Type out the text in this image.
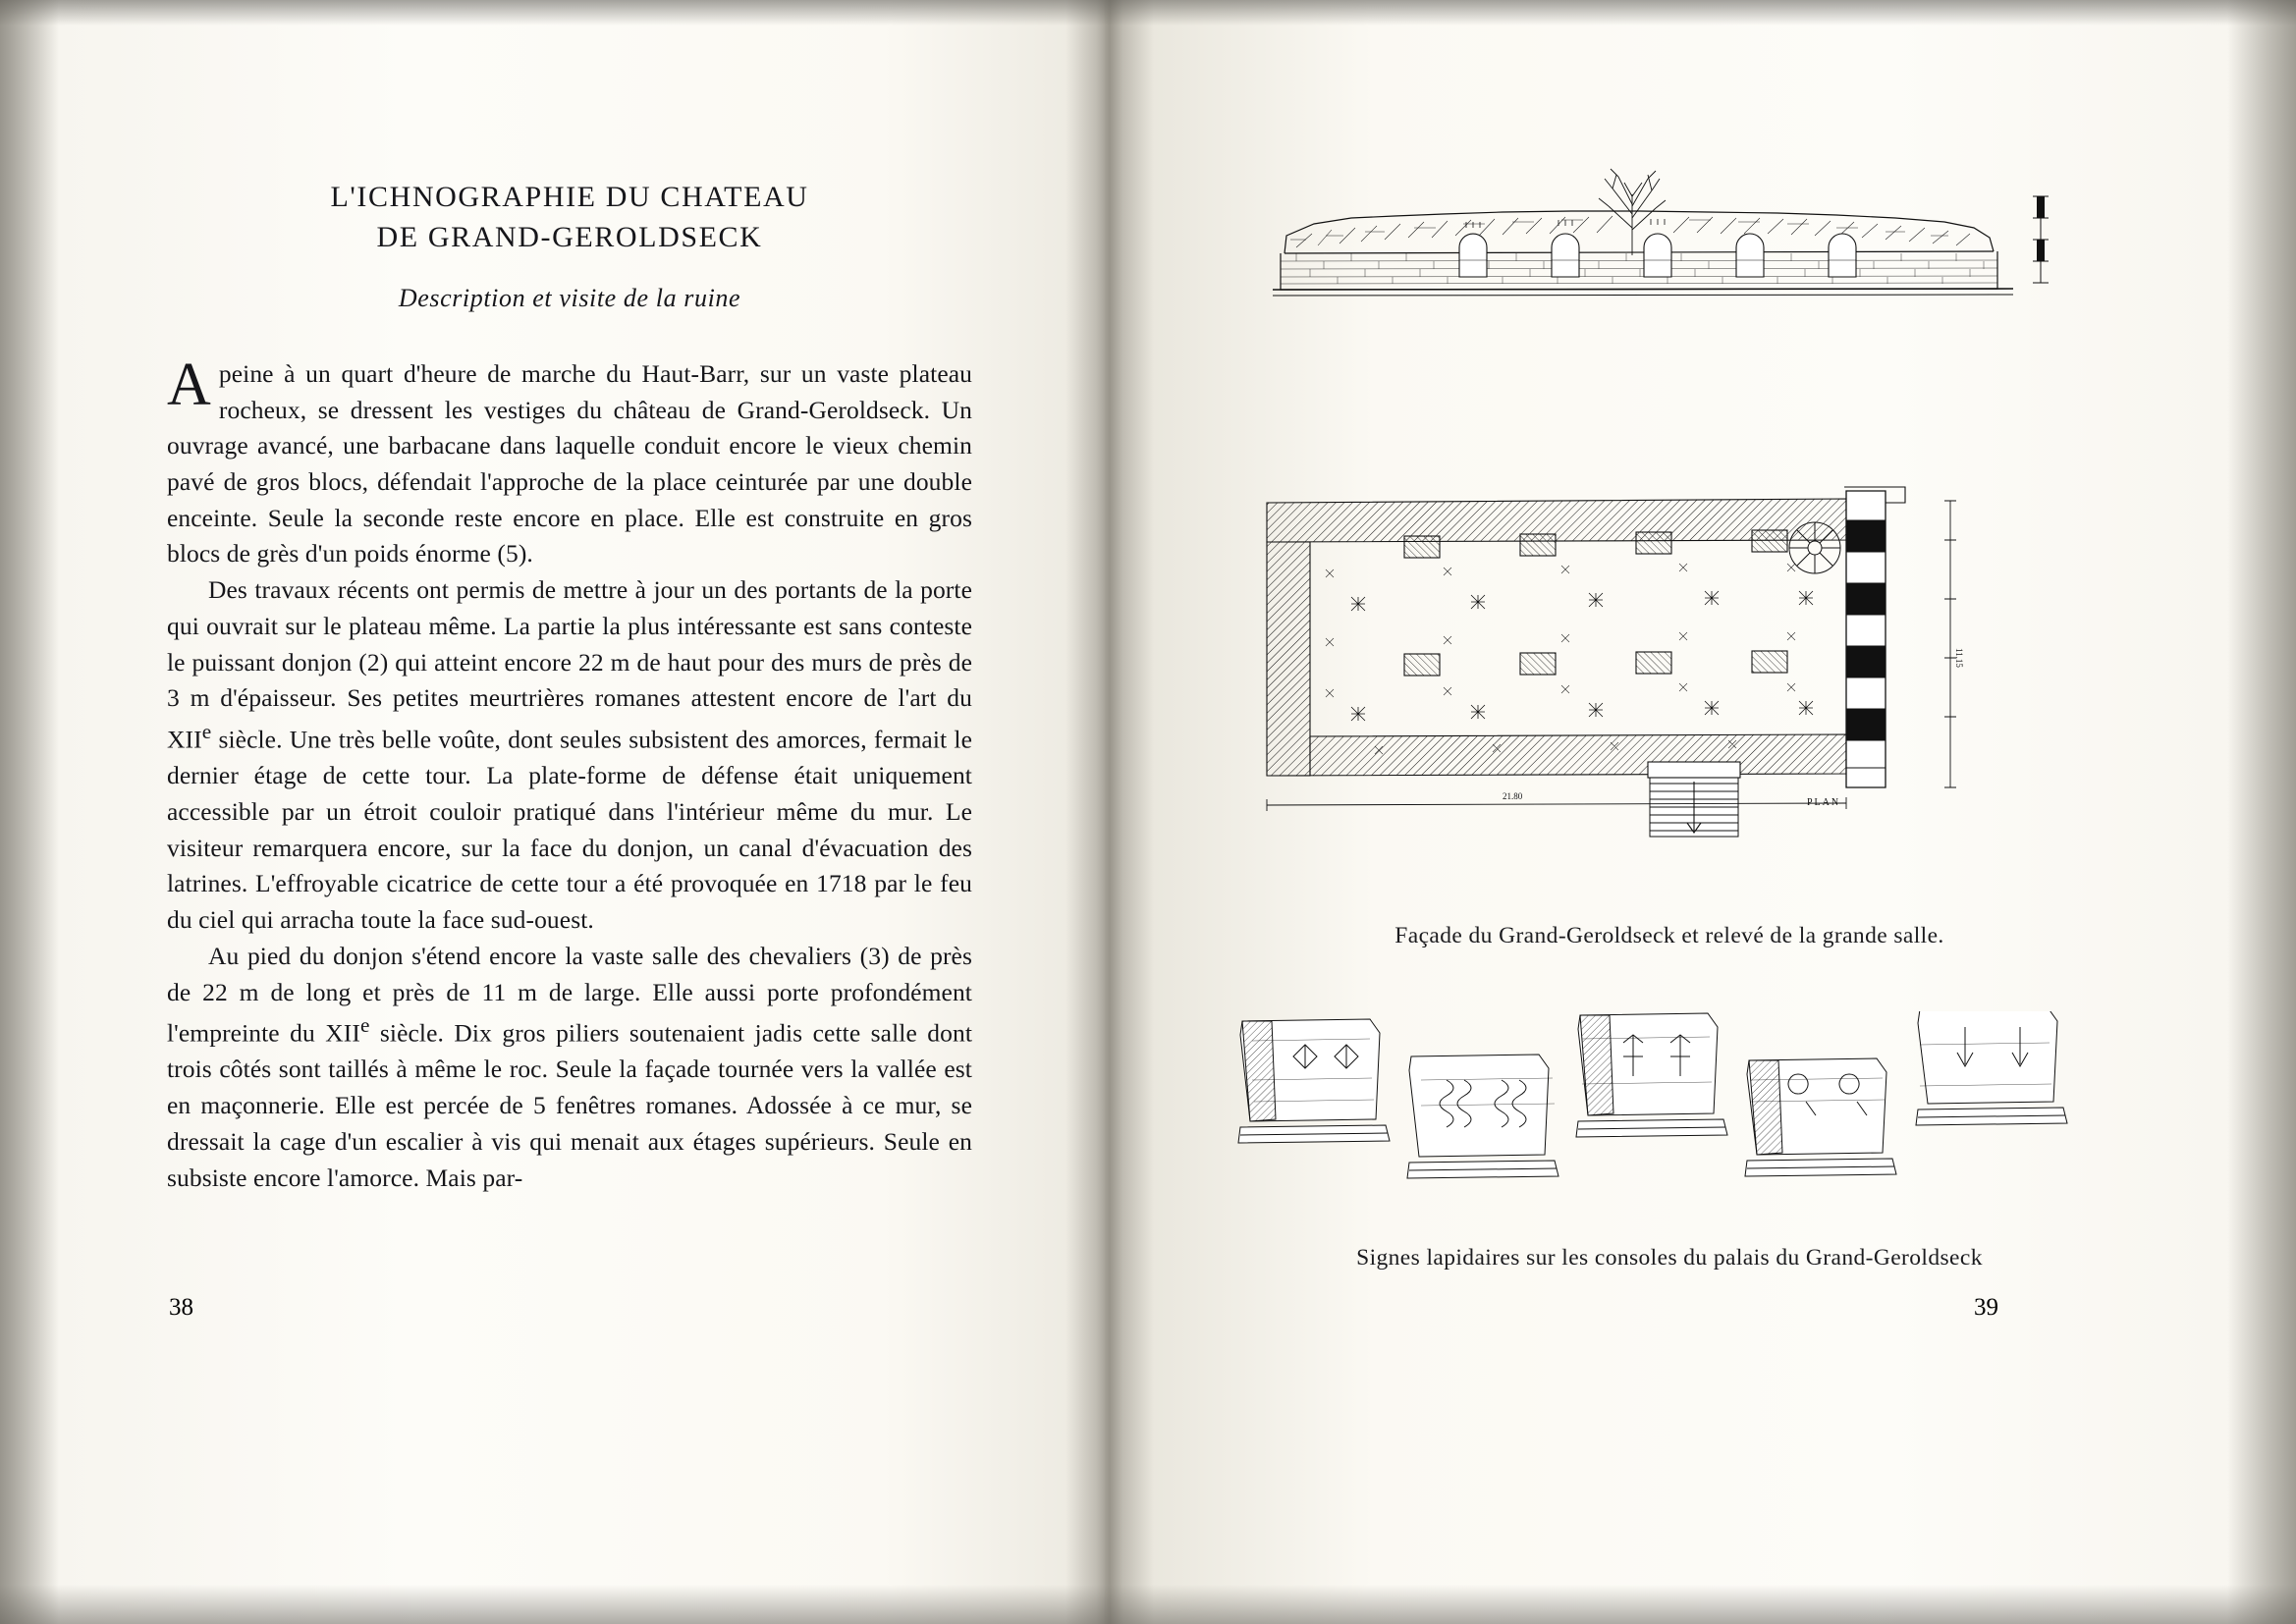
L'ICHNOGRAPHIE DU CHATEAU
DE GRAND-GEROLDSECK
Description et visite de la ruine

Apeine à un quart d'heure de marche du Haut-Barr, sur un vaste plateau rocheux, se dressent les vestiges du château de Grand-Geroldseck. Un ouvrage avancé, une barbacane dans laquelle conduit encore le vieux chemin pavé de gros blocs, défendait l'approche de la place ceinturée par une double enceinte. Seule la seconde reste encore en place. Elle est construite en gros blocs de grès d'un poids énorme (5).

Des travaux récents ont permis de mettre à jour un des portants de la porte qui ouvrait sur le plateau même. La partie la plus intéressante est sans conteste le puissant donjon (2) qui atteint encore 22 m de haut pour des murs de près de 3 m d'épaisseur. Ses petites meurtrières romanes attestent encore de l'art du XIIe siècle. Une très belle voûte, dont seules subsistent des amorces, fermait le dernier étage de cette tour. La plate-forme de défense était uniquement accessible par un étroit couloir pratiqué dans l'intérieur même du mur. Le visiteur remarquera encore, sur la face du donjon, un canal d'évacuation des latrines. L'effroyable cicatrice de cette tour a été provoquée en 1718 par le feu du ciel qui arracha toute la face sud-ouest.

Au pied du donjon s'étend encore la vaste salle des chevaliers (3) de près de 22 m de long et près de 11 m de large. Elle aussi porte profondément l'empreinte du XIIe siècle. Dix gros piliers soutenaient jadis cette salle dont trois côtés sont taillés à même le roc. Seule la façade tournée vers la vallée est en maçonnerie. Elle est percée de 5 fenêtres romanes. Adossée à ce mur, se dressait la cage d'un escalier à vis qui menait aux étages supérieurs. Seule en subsiste encore l'amorce. Mais par-

38
21.80
11.15
PLAN
Façade du Grand-Geroldseck et relevé de la grande salle.
Signes lapidaires sur les consoles du palais du Grand-Geroldseck
39
